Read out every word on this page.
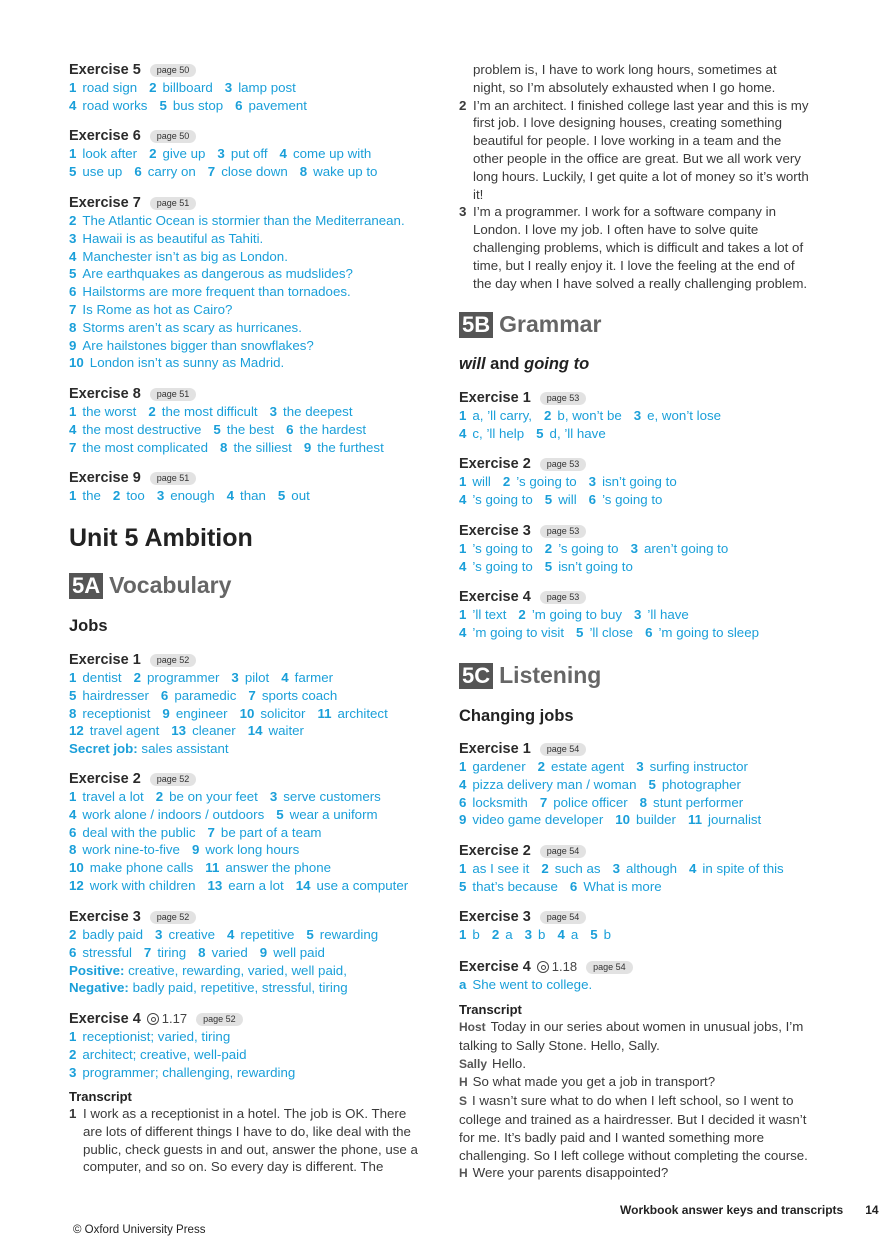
Exercise 5	page 50
1 road sign 2 billboard 3 lamp post
4 road works 5 bus stop 6 pavement
Exercise 6	page 50
1 look after 2 give up 3 put off 4 come up with
5 use up 6 carry on 7 close down 8 wake up to
Exercise 7	page 51
2 The Atlantic Ocean is stormier than the Mediterranean.
3 Hawaii is as beautiful as Tahiti.
4 Manchester isn’t as big as London.
5 Are earthquakes as dangerous as mudslides?
6 Hailstorms are more frequent than tornadoes.
7 Is Rome as hot as Cairo?
8 Storms aren’t as scary as hurricanes.
9 Are hailstones bigger than snowflakes?
10 London isn’t as sunny as Madrid.
Exercise 8	page 51
1 the worst 2 the most difficult 3 the deepest
4 the most destructive 5 the best 6 the hardest
7 the most complicated 8 the silliest 9 the furthest
Exercise 9	page 51
1 the 2 too 3 enough 4 than 5 out
Unit 5 Ambition
5A Vocabulary
Jobs
Exercise 1	page 52
1 dentist 2 programmer 3 pilot 4 farmer
5 hairdresser 6 paramedic 7 sports coach
8 receptionist 9 engineer 10 solicitor 11 architect
12 travel agent 13 cleaner 14 waiter
Secret job: sales assistant
Exercise 2	page 52
1 travel a lot 2 be on your feet 3 serve customers
4 work alone / indoors / outdoors 5 wear a uniform
6 deal with the public 7 be part of a team
8 work nine-to-five 9 work long hours
10 make phone calls 11 answer the phone
12 work with children 13 earn a lot 14 use a computer
Exercise 3	page 52
2 badly paid 3 creative 4 repetitive 5 rewarding
6 stressful 7 tiring 8 varied 9 well paid
Positive: creative, rewarding, varied, well paid,
Negative: badly paid, repetitive, stressful, tiring
Exercise 4 1.17	page 52
1 receptionist; varied, tiring
2 architect; creative, well-paid
3 programmer; challenging, rewarding
Transcript
1 I work as a receptionist in a hotel. The job is OK. There are lots of different things I have to do, like deal with the public, check guests in and out, answer the phone, use a computer, and so on. So every day is different. The
problem is, I have to work long hours, sometimes at night, so I’m absolutely exhausted when I go home.
2 I’m an architect. I finished college last year and this is my first job. I love designing houses, creating something beautiful for people. I love working in a team and the other people in the office are great. But we all work very long hours. Luckily, I get quite a lot of money so it’s worth it!
3 I’m a programmer. I work for a software company in London. I love my job. I often have to solve quite challenging problems, which is difficult and takes a lot of time, but I really enjoy it. I love the feeling at the end of the day when I have solved a really challenging problem.
5B Grammar
will and going to
Exercise 1	page 53
1 a, ’ll carry, 2 b, won’t be 3 e, won’t lose
4 c, ’ll help 5 d, ’ll have
Exercise 2	page 53
1 will 2 ’s going to 3 isn’t going to
4 ’s going to 5 will 6 ’s going to
Exercise 3	page 53
1 ’s going to 2 ’s going to 3 aren’t going to
4 ’s going to 5 isn’t going to
Exercise 4	page 53
1 ’ll text 2 ’m going to buy 3 ’ll have
4 ’m going to visit 5 ’ll close 6 ’m going to sleep
5C Listening
Changing jobs
Exercise 1	page 54
1 gardener 2 estate agent 3 surfing instructor
4 pizza delivery man / woman 5 photographer
6 locksmith 7 police officer 8 stunt performer
9 video game developer 10 builder 11 journalist
Exercise 2	page 54
1 as I see it 2 such as 3 although 4 in spite of this
5 that’s because 6 What is more
Exercise 3	page 54
1 b 2 a 3 b 4 a 5 b
Exercise 4 1.18	page 54
a She went to college.
Transcript
Host Today in our series about women in unusual jobs, I’m talking to Sally Stone. Hello, Sally.
Sally Hello.
H So what made you get a job in transport?
S I wasn’t sure what to do when I left school, so I went to college and trained as a hairdresser. But I decided it wasn’t for me. It’s badly paid and I wanted something more challenging. So I left college without completing the course.
H Were your parents disappointed?
Workbook answer keys and transcripts 14
© Oxford University Press
